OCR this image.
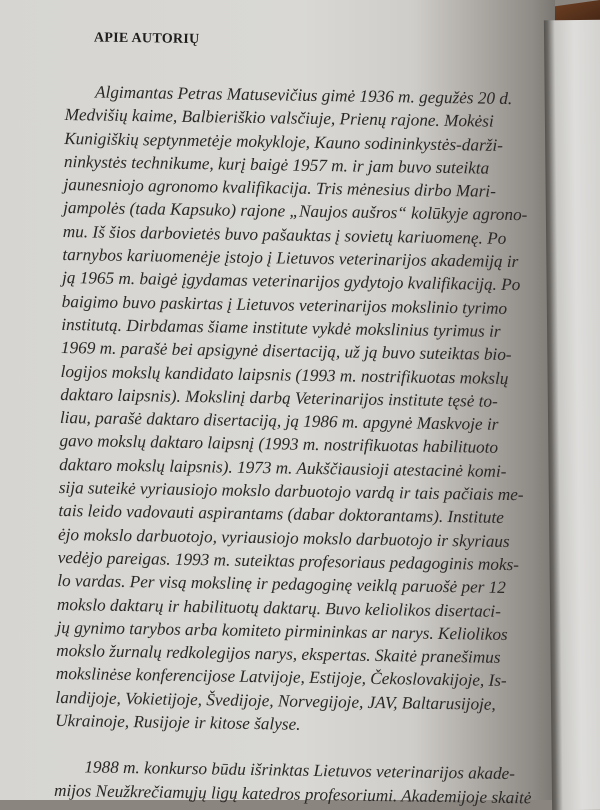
APIE AUTORIŲ

Algimantas Petras Matusevičius gimė 1936 m. gegužės 20 d.
Medvišių kaime, Balbieriškio valsčiuje, Prienų rajone. Mokėsi
Kunigiškių septynmetėje mokykloje, Kauno sodininkystės-darži-
ninkystės technikume, kurį baigė 1957 m. ir jam buvo suteikta
jaunesniojo agronomo kvalifikacija. Tris mėnesius dirbo Mari-
jampolės (tada Kapsuko) rajone „Naujos aušros“ kolūkyje agrono-
mu. Iš šios darbovietės buvo pašauktas į sovietų kariuomenę. Po
tarnybos kariuomenėje įstojo į Lietuvos veterinarijos akademiją ir
ją 1965 m. baigė įgydamas veterinarijos gydytojo kvalifikaciją. Po
baigimo buvo paskirtas į Lietuvos veterinarijos mokslinio tyrimo
institutą. Dirbdamas šiame institute vykdė mokslinius tyrimus ir
1969 m. parašė bei apsigynė disertaciją, už ją buvo suteiktas bio-
logijos mokslų kandidato laipsnis (1993 m. nostrifikuotas mokslų
daktaro laipsnis). Mokslinį darbą Veterinarijos institute tęsė to-
liau, parašė daktaro disertaciją, ją 1986 m. apgynė Maskvoje ir
gavo mokslų daktaro laipsnį (1993 m. nostrifikuotas habilituoto
daktaro mokslų laipsnis). 1973 m. Aukščiausioji atestacinė komi-
sija suteikė vyriausiojo mokslo darbuotojo vardą ir tais pačiais me-
tais leido vadovauti aspirantams (dabar doktorantams). Institute
ėjo mokslo darbuotojo, vyriausiojo mokslo darbuotojo ir skyriaus
vedėjo pareigas. 1993 m. suteiktas profesoriaus pedagoginis moks-
lo vardas. Per visą mokslinę ir pedagoginę veiklą paruošė per 12
mokslo daktarų ir habilituotų daktarų. Buvo keliolikos disertaci-
jų gynimo tarybos arba komiteto pirmininkas ar narys. Keliolikos
mokslo žurnalų redkolegijos narys, ekspertas. Skaitė pranešimus
mokslinėse konferencijose Latvijoje, Estijoje, Čekoslovakijoje, Is-
landijoje, Vokietijoje, Švedijoje, Norvegijoje, JAV, Baltarusijoje,
Ukrainoje, Rusijoje ir kitose šalyse.

1988 m. konkurso būdu išrinktas Lietuvos veterinarijos akade-
mijos Neužkrečiamųjų ligų katedros profesoriumi. Akademijoje skaitė
